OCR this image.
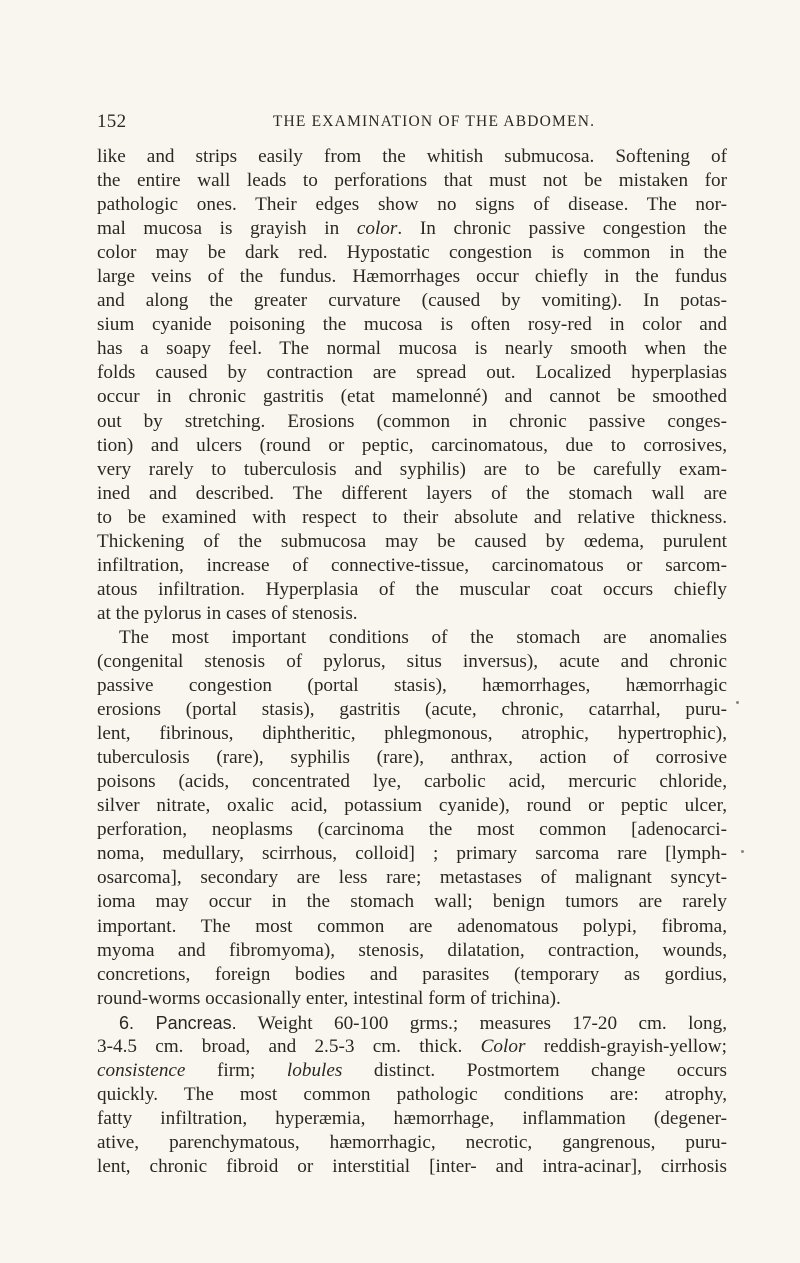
152	THE EXAMINATION OF THE ABDOMEN.
like and strips easily from the whitish submucosa. Softening of
the entire wall leads to perforations that must not be mistaken for
pathologic ones. Their edges show no signs of disease. The nor-
mal mucosa is grayish in color. In chronic passive congestion the
color may be dark red. Hypostatic congestion is common in the
large veins of the fundus. Hæmorrhages occur chiefly in the fundus
and along the greater curvature (caused by vomiting). In potas-
sium cyanide poisoning the mucosa is often rosy-red in color and
has a soapy feel. The normal mucosa is nearly smooth when the
folds caused by contraction are spread out. Localized hyperplasias
occur in chronic gastritis (etat mamelonné) and cannot be smoothed
out by stretching. Erosions (common in chronic passive conges-
tion) and ulcers (round or peptic, carcinomatous, due to corrosives,
very rarely to tuberculosis and syphilis) are to be carefully exam-
ined and described. The different layers of the stomach wall are
to be examined with respect to their absolute and relative thickness.
Thickening of the submucosa may be caused by œdema, purulent
infiltration, increase of connective-tissue, carcinomatous or sarcom-
atous infiltration. Hyperplasia of the muscular coat occurs chiefly
at the pylorus in cases of stenosis.
The most important conditions of the stomach are anomalies
(congenital stenosis of pylorus, situs inversus), acute and chronic
passive congestion (portal stasis), hæmorrhages, hæmorrhagic
erosions (portal stasis), gastritis (acute, chronic, catarrhal, puru-
lent, fibrinous, diphtheritic, phlegmonous, atrophic, hypertrophic),
tuberculosis (rare), syphilis (rare), anthrax, action of corrosive
poisons (acids, concentrated lye, carbolic acid, mercuric chloride,
silver nitrate, oxalic acid, potassium cyanide), round or peptic ulcer,
perforation, neoplasms (carcinoma the most common [adenocarci-
noma, medullary, scirrhous, colloid] ; primary sarcoma rare [lymph-
osarcoma], secondary are less rare; metastases of malignant syncyt-
ioma may occur in the stomach wall; benign tumors are rarely
important. The most common are adenomatous polypi, fibroma,
myoma and fibromyoma), stenosis, dilatation, contraction, wounds,
concretions, foreign bodies and parasites (temporary as gordius,
round-worms occasionally enter, intestinal form of trichina).
6. Pancreas. Weight 60-100 grms.; measures 17-20 cm. long,
3-4.5 cm. broad, and 2.5-3 cm. thick. Color reddish-grayish-yellow;
consistence firm; lobules distinct. Postmortem change occurs
quickly. The most common pathologic conditions are: atrophy,
fatty infiltration, hyperæmia, hæmorrhage, inflammation (degener-
ative, parenchymatous, hæmorrhagic, necrotic, gangrenous, puru-
lent, chronic fibroid or interstitial [inter- and intra-acinar], cirrhosis
